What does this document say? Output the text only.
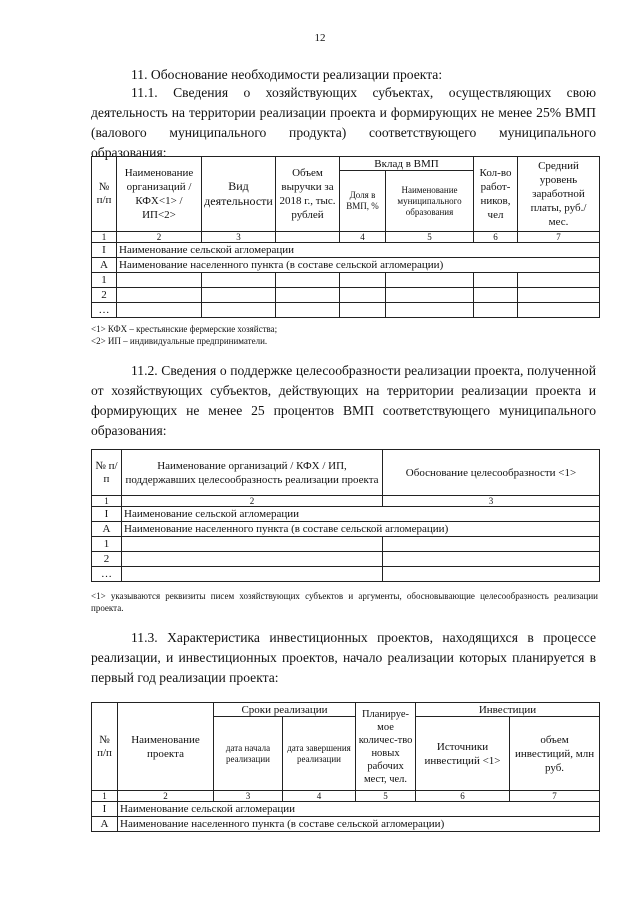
12

11. Обоснование необходимости реализации проекта:

11.1. Сведения о хозяйствующих субъектах, осуществляющих свою деятельность на территории реализации проекта и формирующих не менее 25% ВМП (валового муниципального продукта) соответствующего муниципального образования:

№ п/п	Наименование организаций / КФХ<1> / ИП<2>	Вид деятельности	Объем выручки за 2018 г., тыс. рублей	Вклад в ВМП		Кол-во работ-ников, чел	Средний уровень заработной платы, руб./ мес.
				Доля в ВМП, %	Наименование муниципального образования		
1	2	3		4	5	6	7
I	Наименование сельской агломерации						
А	Наименование населенного пункта (в составе сельской агломерации)						
1							
2							
…							
<1> КФХ – крестьянские фермерские хозяйства;
<2> ИП – индивидуальные предприниматели.

11.2. Сведения о поддержке целесообразности реализации проекта, полученной от хозяйствующих субъектов, действующих на территории реализации проекта и формирующих не менее 25 процентов ВМП соответствующего муниципального образования:

№ п/п	Наименование организаций / КФХ / ИП, поддержавших целесообразность реализации проекта	Обоснование целесообразности <1>
1	2	3
I	Наименование сельской агломерации	
А	Наименование населенного пункта (в составе сельской агломерации)	
1		
2		
…		

<1> указываются реквизиты писем хозяйствующих субъектов и аргументы, обосновывающие целесообразность реализации проекта.

11.3. Характеристика инвестиционных проектов, находящихся в процессе реализации, и инвестиционных проектов, начало реализации которых планируется в первый год реализации проекта:

№ п/п	Наименование проекта	Сроки реализации		Планируе-мое количес-тво новых рабочих мест, чел.	Инвестиции	
		дата начала реализации	дата завершения реализации		Источники инвестиций <1>	объем инвестиций, млн руб.
1	2	3	4	5	6	7
I	Наименование сельской агломерации					
А	Наименование населенного пункта (в составе сельской агломерации)					
